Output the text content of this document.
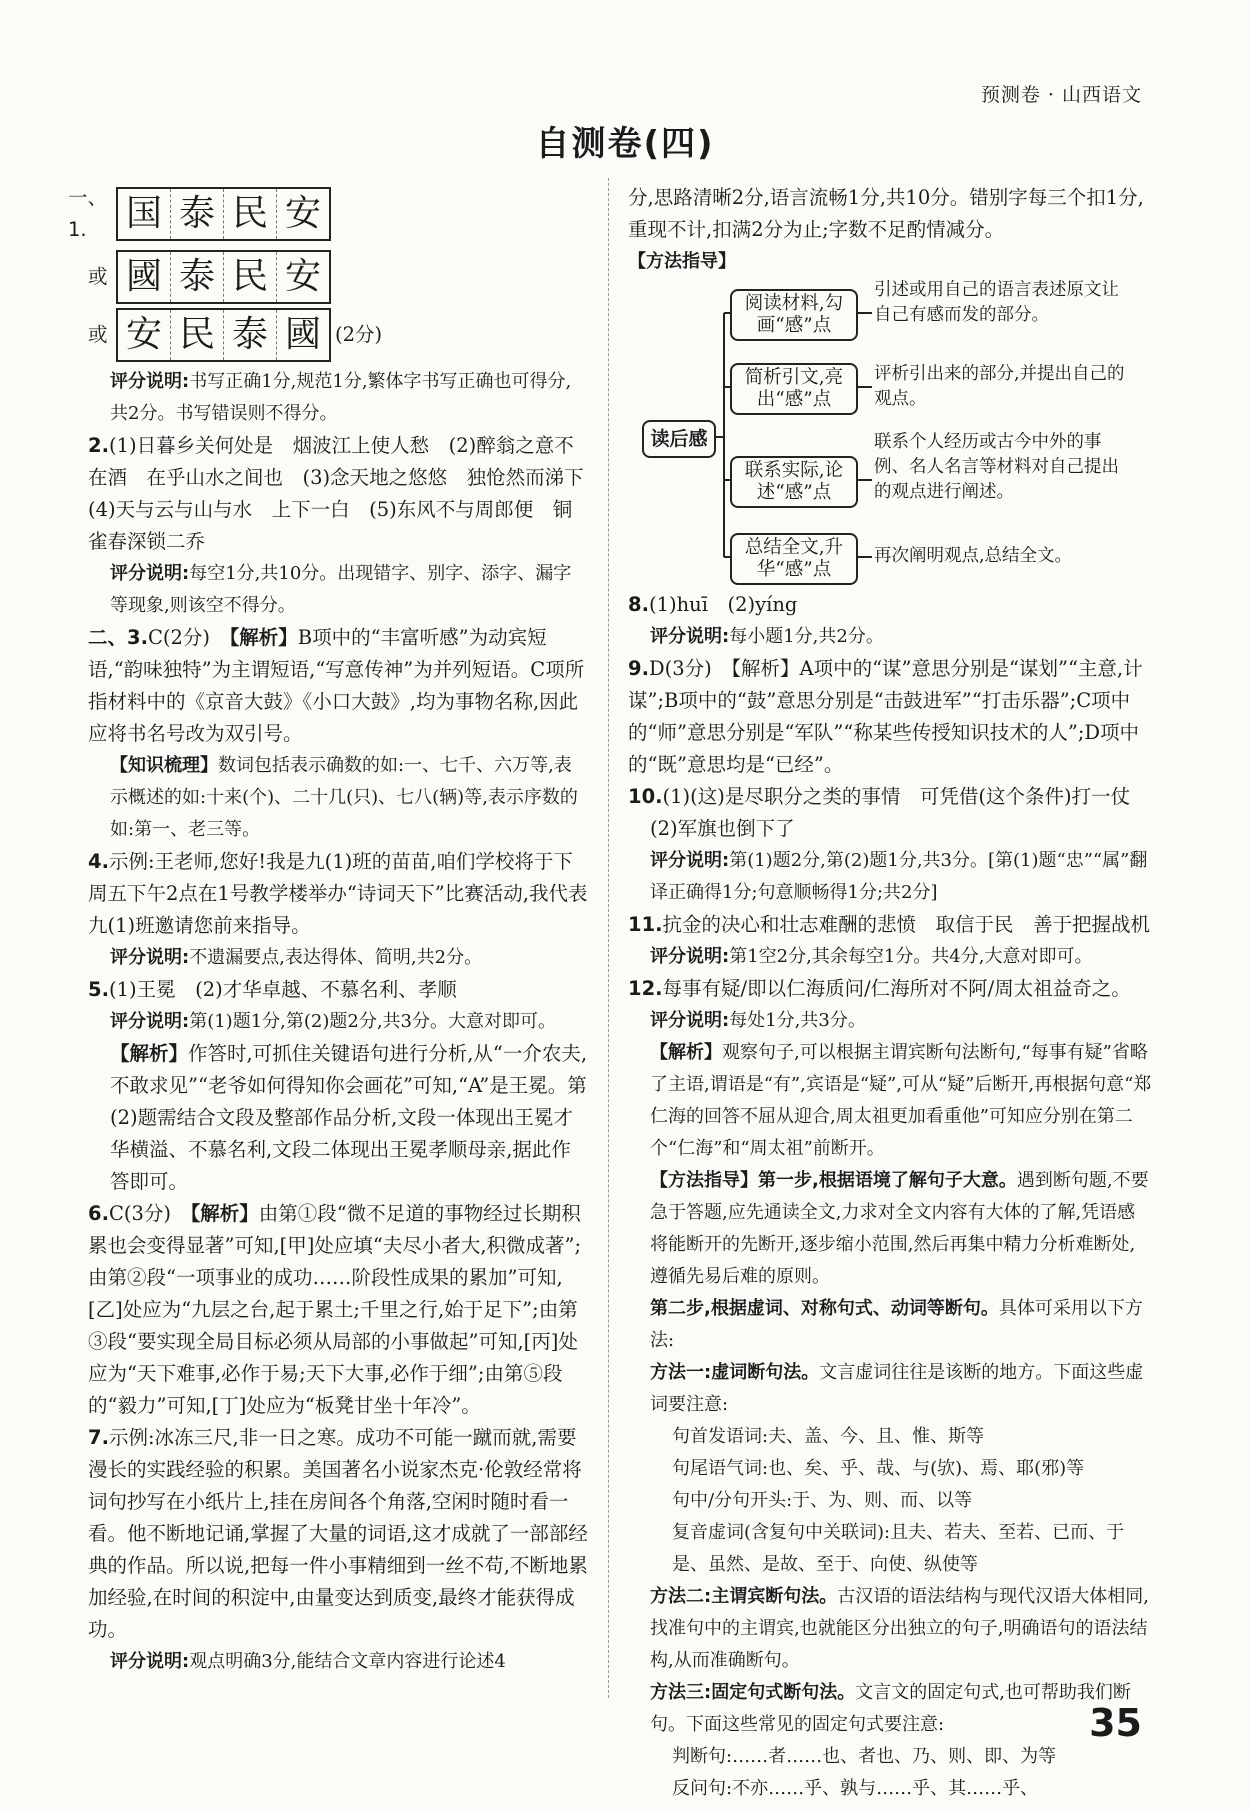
预测卷 · 山西语文
自测卷(四)
一、1.	国 泰 民 安
或 國 泰 民 安
或 安 民 泰 國 (2分)

评分说明:书写正确1分,规范1分,繁体字书写正确也可得分,共2分。书写错误则不得分。

2.(1)日暮乡关何处是　烟波江上使人愁　(2)醉翁之意不在酒　在乎山水之间也　(3)念天地之悠悠　独怆然而涕下　(4)天与云与山与水　上下一白　(5)东风不与周郎便　铜雀春深锁二乔

评分说明:每空1分,共10分。出现错字、别字、添字、漏字等现象,则该空不得分。

二、3.C(2分)　【解析】B项中的“丰富听感”为动宾短语,“韵味独特”为主谓短语,“写意传神”为并列短语。C项所指材料中的《京音大鼓》《小口大鼓》,均为事物名称,因此应将书名号改为双引号。

【知识梳理】数词包括表示确数的如:一、七千、六万等,表示概述的如:十来(个)、二十几(只)、七八(辆)等,表示序数的如:第一、老三等。

4.示例:王老师,您好!我是九(1)班的苗苗,咱们学校将于下周五下午2点在1号教学楼举办“诗词天下”比赛活动,我代表九(1)班邀请您前来指导。

评分说明:不遗漏要点,表达得体、简明,共2分。

5.(1)王冕　(2)才华卓越、不慕名利、孝顺

评分说明:第(1)题1分,第(2)题2分,共3分。大意对即可。

【解析】作答时,可抓住关键语句进行分析,从“一介农夫,不敢求见”“老爷如何得知你会画花”可知,“A”是王冕。第(2)题需结合文段及整部作品分析,文段一体现出王冕才华横溢、不慕名利,文段二体现出王冕孝顺母亲,据此作答即可。

6.C(3分)　【解析】由第①段“微不足道的事物经过长期积累也会变得显著”可知,[甲]处应填“夫尽小者大,积微成著”;由第②段“一项事业的成功……阶段性成果的累加”可知,[乙]处应为“九层之台,起于累土;千里之行,始于足下”;由第③段“要实现全局目标必须从局部的小事做起”可知,[丙]处应为“天下难事,必作于易;天下大事,必作于细”;由第⑤段的“毅力”可知,[丁]处应为“板凳甘坐十年冷”。

7.示例:冰冻三尺,非一日之寒。成功不可能一蹴而就,需要漫长的实践经验的积累。美国著名小说家杰克·伦敦经常将词句抄写在小纸片上,挂在房间各个角落,空闲时随时看一看。他不断地记诵,掌握了大量的词语,这才成就了一部部经典的作品。所以说,把每一件小事精细到一丝不苟,不断地累加经验,在时间的积淀中,由量变达到质变,最终才能获得成功。

评分说明:观点明确3分,能结合文章内容进行论述4

分,思路清晰2分,语言流畅1分,共10分。错别字每三个扣1分,重现不计,扣满2分为止;字数不足酌情减分。

【方法指导】

读后感
阅读材料,勾画“感”点
引述或用自己的语言表述原文让自己有感而发的部分。
简析引文,亮出“感”点
评析引出来的部分,并提出自己的观点。
联系实际,论述“感”点
联系个人经历或古今中外的事例、名人名言等材料对自己提出的观点进行阐述。
总结全文,升华“感”点
再次阐明观点,总结全文。

8.(1)huī　(2)yíng

评分说明:每小题1分,共2分。

9.D(3分)　【解析】A项中的“谋”意思分别是“谋划”“主意,计谋”;B项中的“鼓”意思分别是“击鼓进军”“打击乐器”;C项中的“师”意思分别是“军队”“称某些传授知识技术的人”;D项中的“既”意思均是“已经”。

10.(1)(这)是尽职分之类的事情　可凭借(这个条件)打一仗

(2)军旗也倒下了

评分说明:第(1)题2分,第(2)题1分,共3分。[第(1)题“忠”“属”翻译正确得1分;句意顺畅得1分;共2分]

11.抗金的决心和壮志难酬的悲愤　取信于民　善于把握战机

评分说明:第1空2分,其余每空1分。共4分,大意对即可。

12.每事有疑/即以仁海质问/仁海所对不阿/周太祖益奇之。

评分说明:每处1分,共3分。

【解析】观察句子,可以根据主谓宾断句法断句,“每事有疑”省略了主语,谓语是“有”,宾语是“疑”,可从“疑”后断开,再根据句意“郑仁海的回答不屈从迎合,周太祖更加看重他”可知应分别在第二个“仁海”和“周太祖”前断开。

【方法指导】第一步,根据语境了解句子大意。遇到断句题,不要急于答题,应先通读全文,力求对全文内容有大体的了解,凭语感将能断开的先断开,逐步缩小范围,然后再集中精力分析难断处,遵循先易后难的原则。

第二步,根据虚词、对称句式、动词等断句。具体可采用以下方法:

方法一:虚词断句法。文言虚词往往是该断的地方。下面这些虚词要注意:

句首发语词:夫、盖、今、且、惟、斯等

句尾语气词:也、矣、乎、哉、与(欤)、焉、耶(邪)等

句中/分句开头:于、为、则、而、以等

复音虚词(含复句中关联词):且夫、若夫、至若、已而、于是、虽然、是故、至于、向使、纵使等

方法二:主谓宾断句法。古汉语的语法结构与现代汉语大体相同,找准句中的主谓宾,也就能区分出独立的句子,明确语句的语法结构,从而准确断句。

方法三:固定句式断句法。文言文的固定句式,也可帮助我们断句。下面这些常见的固定句式要注意:

判断句:……者……也、者也、乃、则、即、为等

反问句:不亦……乎、孰与……乎、其……乎、

35
